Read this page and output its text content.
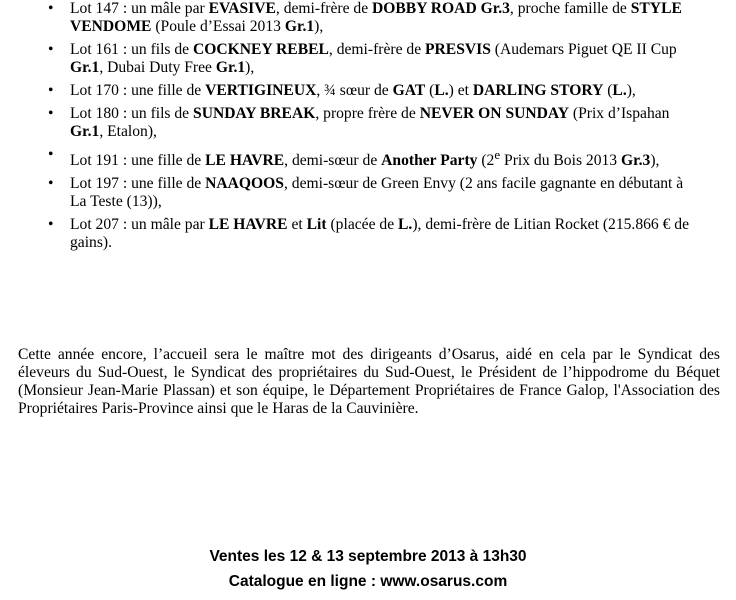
• Lot 147 : un mâle par EVASIVE, demi-frère de DOBBY ROAD Gr.3, proche famille de STYLE VENDOME (Poule d’Essai 2013 Gr.1),
• Lot 161 : un fils de COCKNEY REBEL, demi-frère de PRESVIS (Audemars Piguet QE II Cup Gr.1, Dubai Duty Free Gr.1),
• Lot 170 : une fille de VERTIGINEUX, ¾ sœur de GAT (L.) et DARLING STORY (L.),
• Lot 180 : un fils de SUNDAY BREAK, propre frère de NEVER ON SUNDAY (Prix d’Ispahan Gr.1, Etalon),
• Lot 191 : une fille de LE HAVRE, demi-sœur de Another Party (2e Prix du Bois 2013 Gr.3),
• Lot 197 : une fille de NAAQOOS, demi-sœur de Green Envy (2 ans facile gagnante en débutant à La Teste (13)),
• Lot 207 : un mâle par LE HAVRE et Lit (placée de L.), demi-frère de Litian Rocket (215.866 € de gains).

Cette année encore, l’accueil sera le maître mot des dirigeants d’Osarus, aidé en cela par le Syndicat des éleveurs du Sud-Ouest, le Syndicat des propriétaires du Sud-Ouest, le Président de l’hippodrome du Béquet (Monsieur Jean-Marie Plassan) et son équipe, le Département Propriétaires de France Galop, l'Association des Propriétaires Paris-Province ainsi que le Haras de la Cauvinière.

Ventes les 12 & 13 septembre 2013 à 13h30
Catalogue en ligne : www.osarus.com
